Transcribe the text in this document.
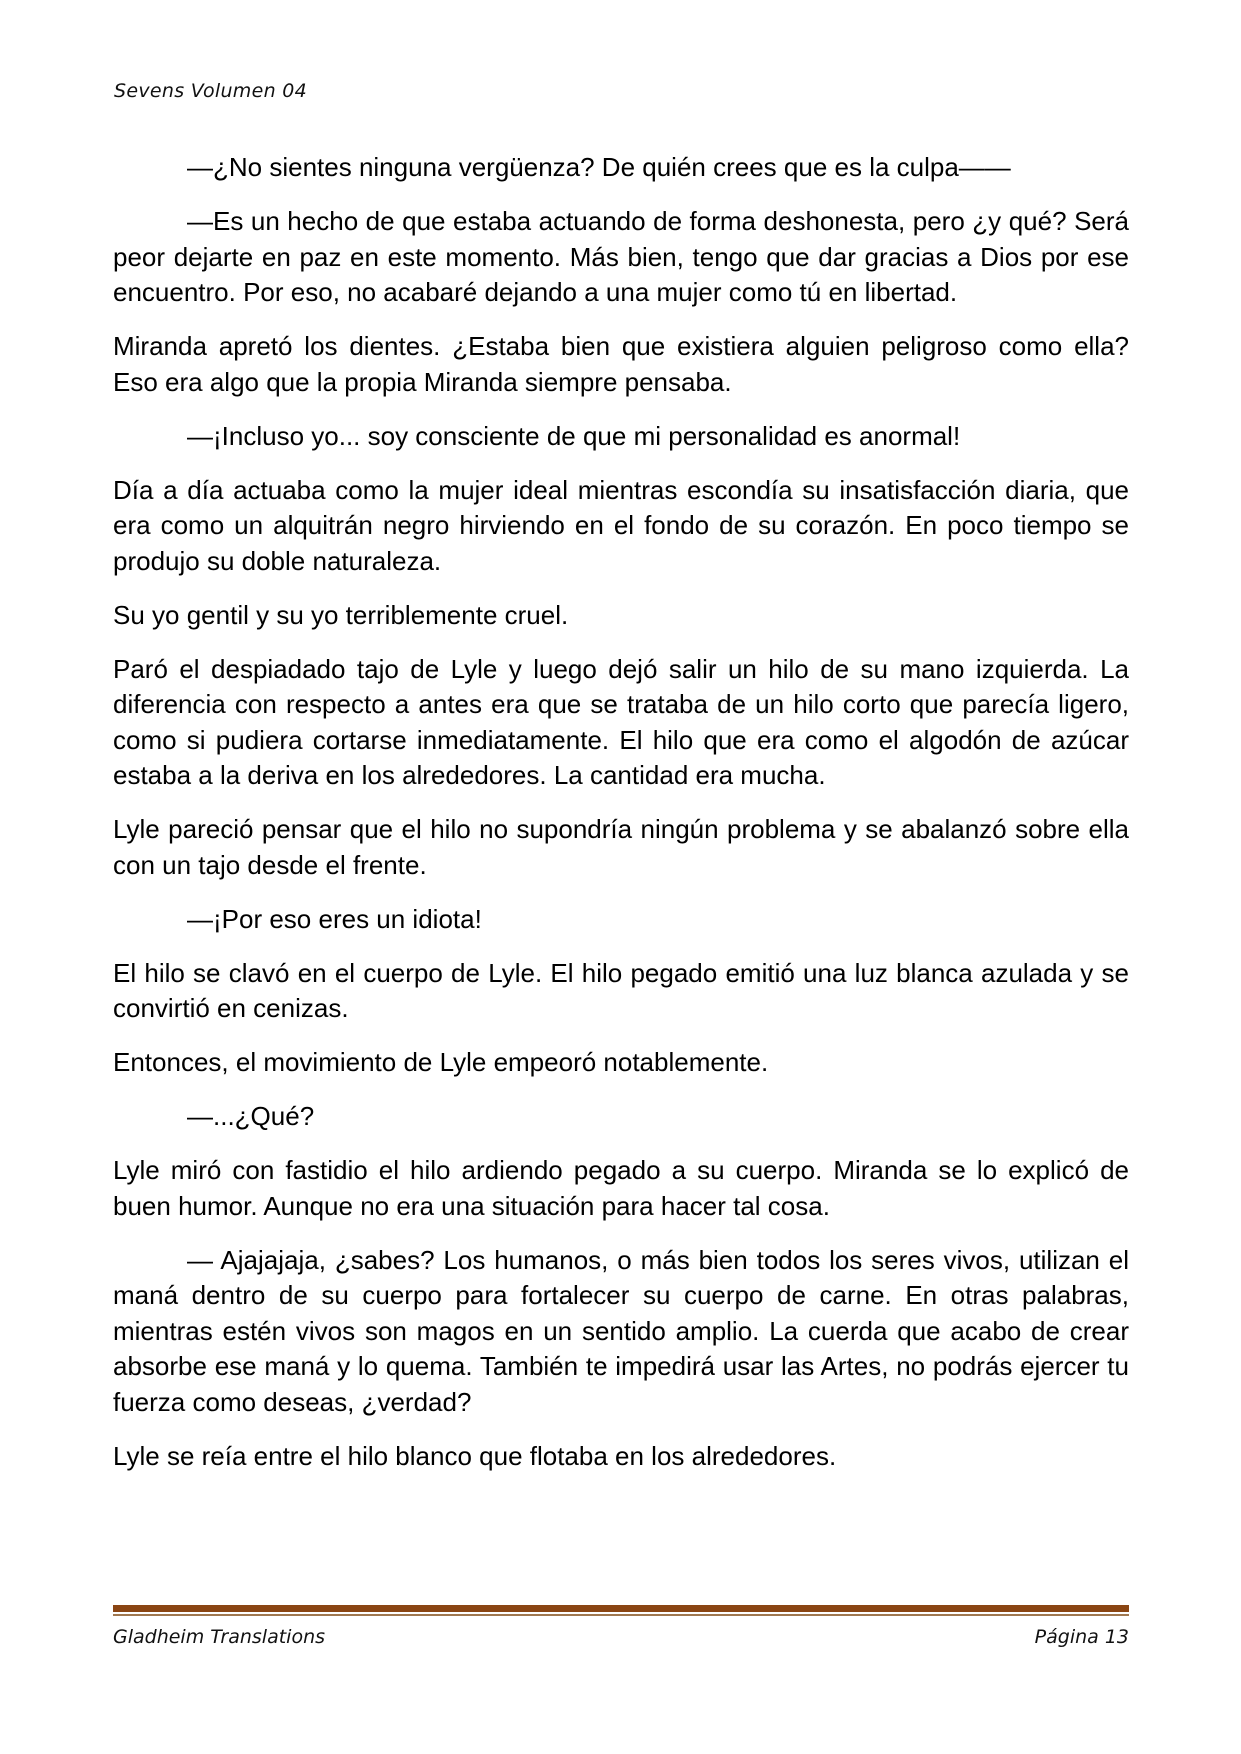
Sevens Volumen 04

—¿No sientes ninguna vergüenza? De quién crees que es la culpa——

—Es un hecho de que estaba actuando de forma deshonesta, pero ¿y qué? Será peor dejarte en paz en este momento. Más bien, tengo que dar gracias a Dios por ese encuentro. Por eso, no acabaré dejando a una mujer como tú en libertad.

Miranda apretó los dientes. ¿Estaba bien que existiera alguien peligroso como ella? Eso era algo que la propia Miranda siempre pensaba.

—¡Incluso yo... soy consciente de que mi personalidad es anormal!

Día a día actuaba como la mujer ideal mientras escondía su insatisfacción diaria, que era como un alquitrán negro hirviendo en el fondo de su corazón. En poco tiempo se produjo su doble naturaleza.

Su yo gentil y su yo terriblemente cruel.

Paró el despiadado tajo de Lyle y luego dejó salir un hilo de su mano izquierda. La diferencia con respecto a antes era que se trataba de un hilo corto que parecía ligero, como si pudiera cortarse inmediatamente. El hilo que era como el algodón de azúcar estaba a la deriva en los alrededores. La cantidad era mucha.

Lyle pareció pensar que el hilo no supondría ningún problema y se abalanzó sobre ella con un tajo desde el frente.

—¡Por eso eres un idiota!

El hilo se clavó en el cuerpo de Lyle. El hilo pegado emitió una luz blanca azulada y se convirtió en cenizas.

Entonces, el movimiento de Lyle empeoró notablemente.

—...¿Qué?

Lyle miró con fastidio el hilo ardiendo pegado a su cuerpo. Miranda se lo explicó de buen humor. Aunque no era una situación para hacer tal cosa.

— Ajajajaja, ¿sabes? Los humanos, o más bien todos los seres vivos, utilizan el maná dentro de su cuerpo para fortalecer su cuerpo de carne. En otras palabras, mientras estén vivos son magos en un sentido amplio. La cuerda que acabo de crear absorbe ese maná y lo quema. También te impedirá usar las Artes, no podrás ejercer tu fuerza como deseas, ¿verdad?

Lyle se reía entre el hilo blanco que flotaba en los alrededores.

Gladheim Translations	Página 13
